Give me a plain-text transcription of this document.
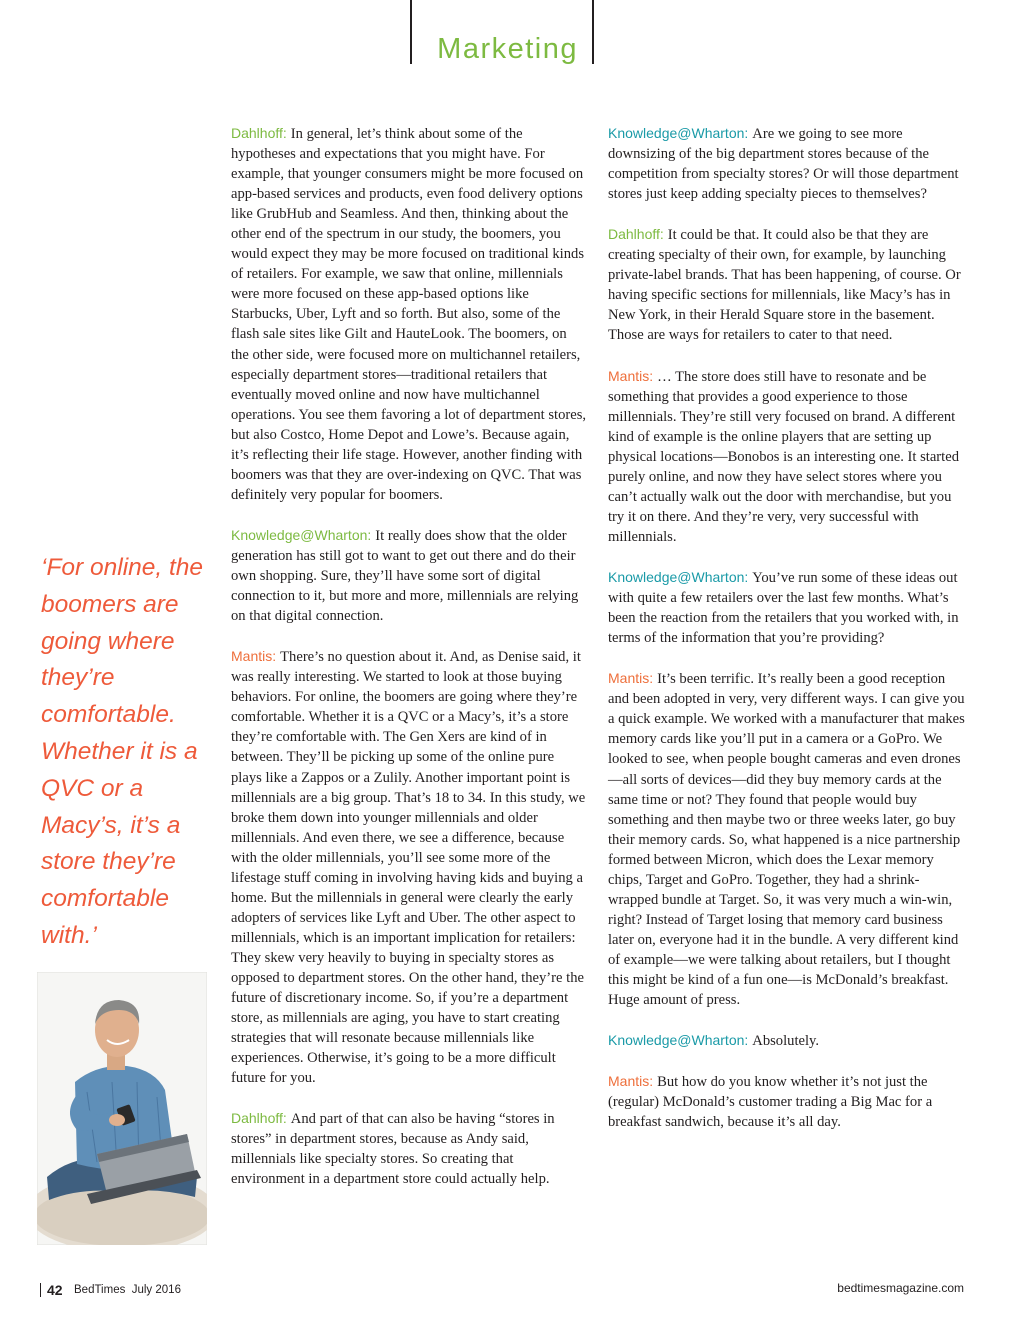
Marketing

‘For online, the boomers are going where they’re comfortable. Whether it is a QVC or a Macy’s, it’s a store they’re comfortable with.’

Dahlhoff: In general, let’s think about some of the hypotheses and expectations that you might have. For example, that younger consumers might be more focused on app-based services and products, even food delivery options like GrubHub and Seamless. And then, thinking about the other end of the spectrum in our study, the boomers, you would expect they may be more focused on traditional kinds of retailers. For example, we saw that online, millennials were more focused on these app-based options like Starbucks, Uber, Lyft and so forth. But also, some of the flash sale sites like Gilt and HauteLook. The boomers, on the other side, were focused more on multichannel retailers, especially department stores—traditional retailers that eventually moved online and now have multichannel operations. You see them favoring a lot of department stores, but also Costco, Home Depot and Lowe’s. Because again, it’s reflecting their life stage. However, another finding with boomers was that they are over-indexing on QVC. That was definitely very popular for boomers.

Knowledge@Wharton: It really does show that the older generation has still got to want to get out there and do their own shopping. Sure, they’ll have some sort of digital connection to it, but more and more, millennials are relying on that digital connection.

Mantis: There’s no question about it. And, as Denise said, it was really interesting. We started to look at those buying behaviors. For online, the boomers are going where they’re comfortable. Whether it is a QVC or a Macy’s, it’s a store they’re comfortable with. The Gen Xers are kind of in between. They’ll be picking up some of the online pure plays like a Zappos or a Zulily. Another important point is millennials are a big group. That’s 18 to 34. In this study, we broke them down into younger millennials and older millennials. And even there, we see a difference, because with the older millennials, you’ll see some more of the lifestage stuff coming in involving having kids and buying a home. But the millennials in general were clearly the early adopters of services like Lyft and Uber. The other aspect to millennials, which is an important implication for retailers: They skew very heavily to buying in specialty stores as opposed to department stores. On the other hand, they’re the future of discretionary income. So, if you’re a department store, as millennials are aging, you have to start creating strategies that will resonate because millennials like experiences. Otherwise, it’s going to be a more difficult future for you.

Dahlhoff: And part of that can also be having “stores in stores” in department stores, because as Andy said, millennials like specialty stores. So creating that environment in a department store could actually help.

Knowledge@Wharton: Are we going to see more downsizing of the big department stores because of the competition from specialty stores? Or will those department stores just keep adding specialty pieces to themselves?

Dahlhoff: It could be that. It could also be that they are creating specialty of their own, for example, by launching private-label brands. That has been happening, of course. Or having specific sections for millennials, like Macy’s has in New York, in their Herald Square store in the basement. Those are ways for retailers to cater to that need.

Mantis: … The store does still have to resonate and be something that provides a good experience to those millennials. They’re still very focused on brand. A different kind of example is the online players that are setting up physical locations—Bonobos is an interesting one. It started purely online, and now they have select stores where you can’t actually walk out the door with merchandise, but you try it on there. And they’re very, very successful with millennials.

Knowledge@Wharton: You’ve run some of these ideas out with quite a few retailers over the last few months. What’s been the reaction from the retailers that you worked with, in terms of the information that you’re providing?

Mantis: It’s been terrific. It’s really been a good reception and been adopted in very, very different ways. I can give you a quick example. We worked with a manufacturer that makes memory cards like you’ll put in a camera or a GoPro. We looked to see, when people bought cameras and even drones—all sorts of devices—did they buy memory cards at the same time or not? They found that people would buy something and then maybe two or three weeks later, go buy their memory cards. So, what happened is a nice partnership formed between Micron, which does the Lexar memory chips, Target and GoPro. Together, they had a shrink-wrapped bundle at Target. So, it was very much a win-win, right? Instead of Target losing that memory card business later on, everyone had it in the bundle. A very different kind of example—we were talking about retailers, but I thought this might be kind of a fun one—is McDonald’s breakfast. Huge amount of press.

Knowledge@Wharton: Absolutely.

Mantis: But how do you know whether it’s not just the (regular) McDonald’s customer trading a Big Mac for a breakfast sandwich, because it’s all day.

42 BedTimes  July 2016	bedtimesmagazine.com
